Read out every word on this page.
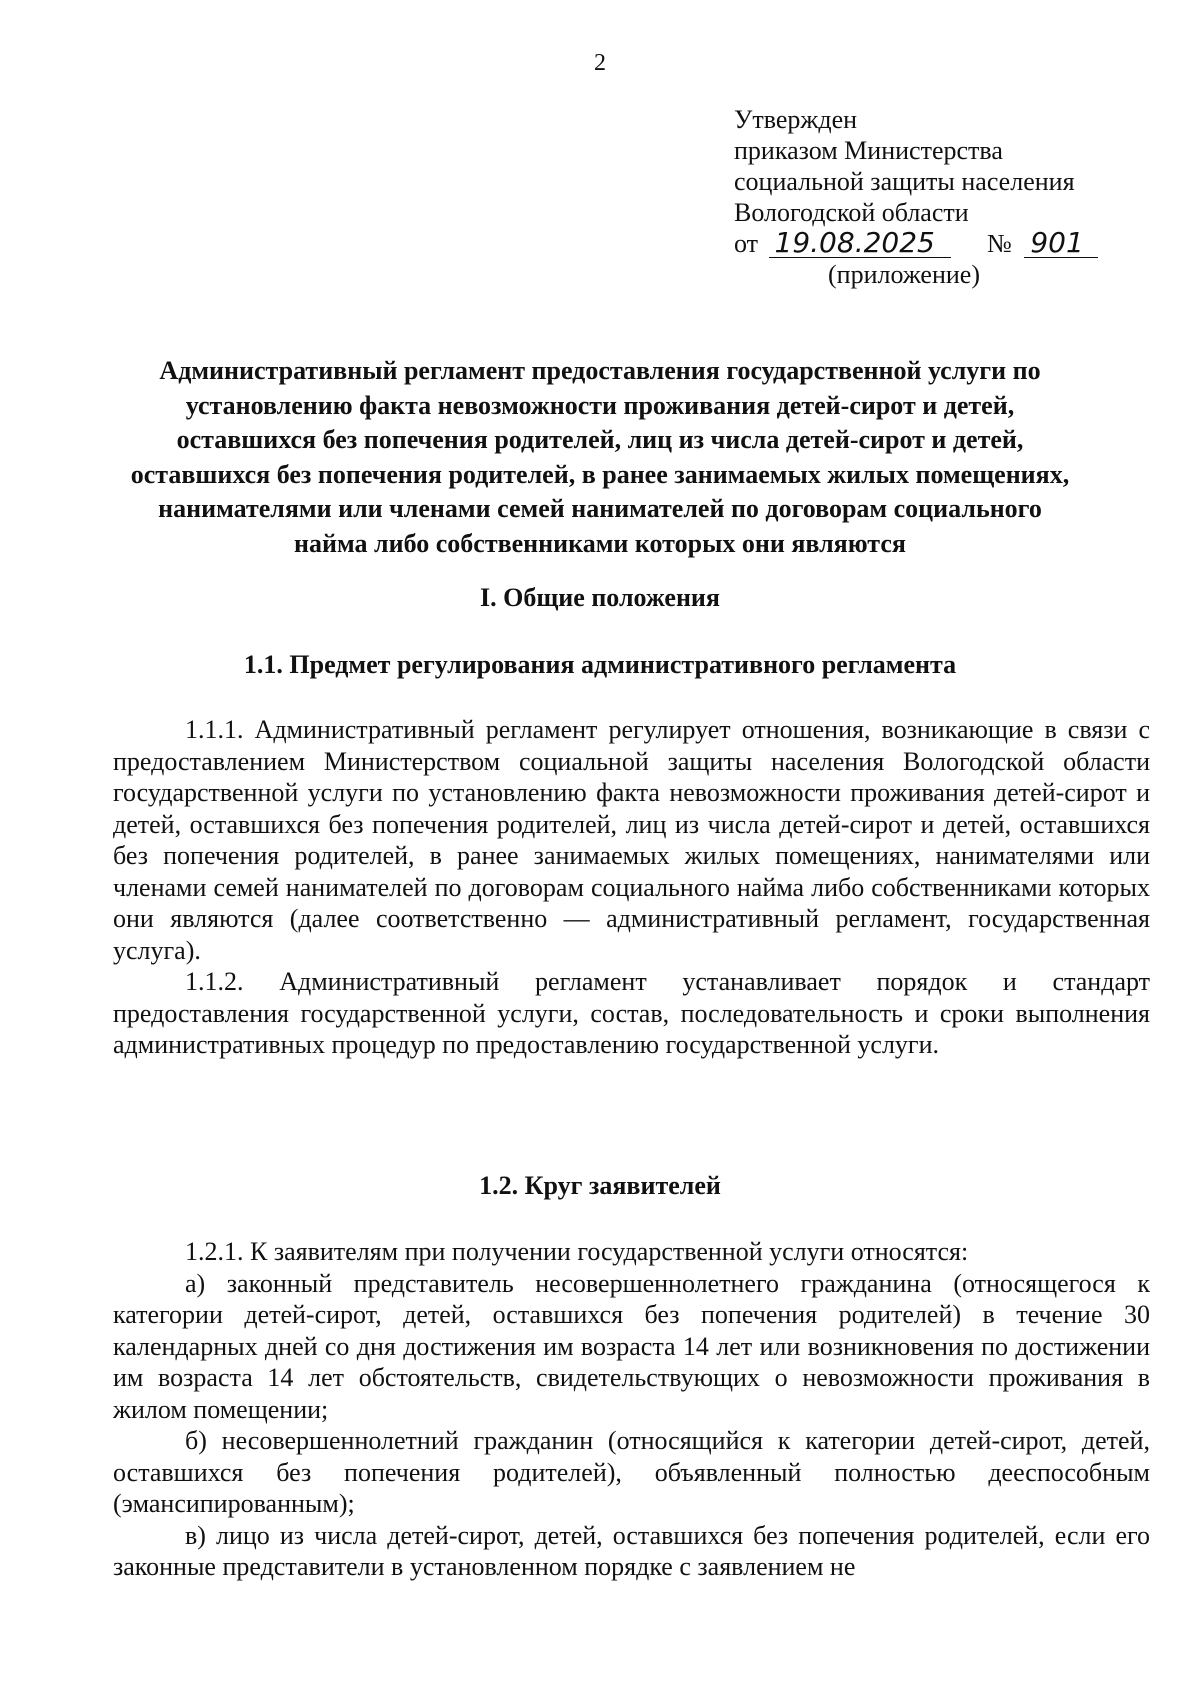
2
Утвержден
приказом Министерства
социальной защиты населения
Вологодской области
от 19.08.2025 № 901
(приложение)
Административный регламент предоставления государственной услуги по
установлению факта невозможности проживания детей-сирот и детей,
оставшихся без попечения родителей, лиц из числа детей-сирот и детей,
оставшихся без попечения родителей, в ранее занимаемых жилых помещениях,
нанимателями или членами семей нанимателей по договорам социального
найма либо собственниками которых они являются
I. Общие положения
1.1. Предмет регулирования административного регламента

1.1.1. Административный регламент регулирует отношения, возникающие в связи с предоставлением Министерством социальной защиты населения Вологодской области государственной услуги по установлению факта невозможности проживания детей-сирот и детей, оставшихся без попечения родителей, лиц из числа детей-сирот и детей, оставшихся без попечения родителей, в ранее занимаемых жилых помещениях, нанимателями или членами семей нанимателей по договорам социального найма либо собственниками которых они являются (далее соответственно — административный регламент, государственная услуга).

1.1.2. Административный регламент устанавливает порядок и стандарт предоставления государственной услуги, состав, последовательность и сроки выполнения административных процедур по предоставлению государственной услуги.

1.2. Круг заявителей

1.2.1. К заявителям при получении государственной услуги относятся:

а) законный представитель несовершеннолетнего гражданина (относящегося к категории детей-сирот, детей, оставшихся без попечения родителей) в течение 30 календарных дней со дня достижения им возраста 14 лет или возникновения по достижении им возраста 14 лет обстоятельств, свидетельствующих о невозможности проживания в жилом помещении;

б) несовершеннолетний гражданин (относящийся к категории детей-сирот, детей, оставшихся без попечения родителей), объявленный полностью дееспособным (эмансипированным);

в) лицо из числа детей-сирот, детей, оставшихся без попечения родителей, если его законные представители в установленном порядке с заявлением не
